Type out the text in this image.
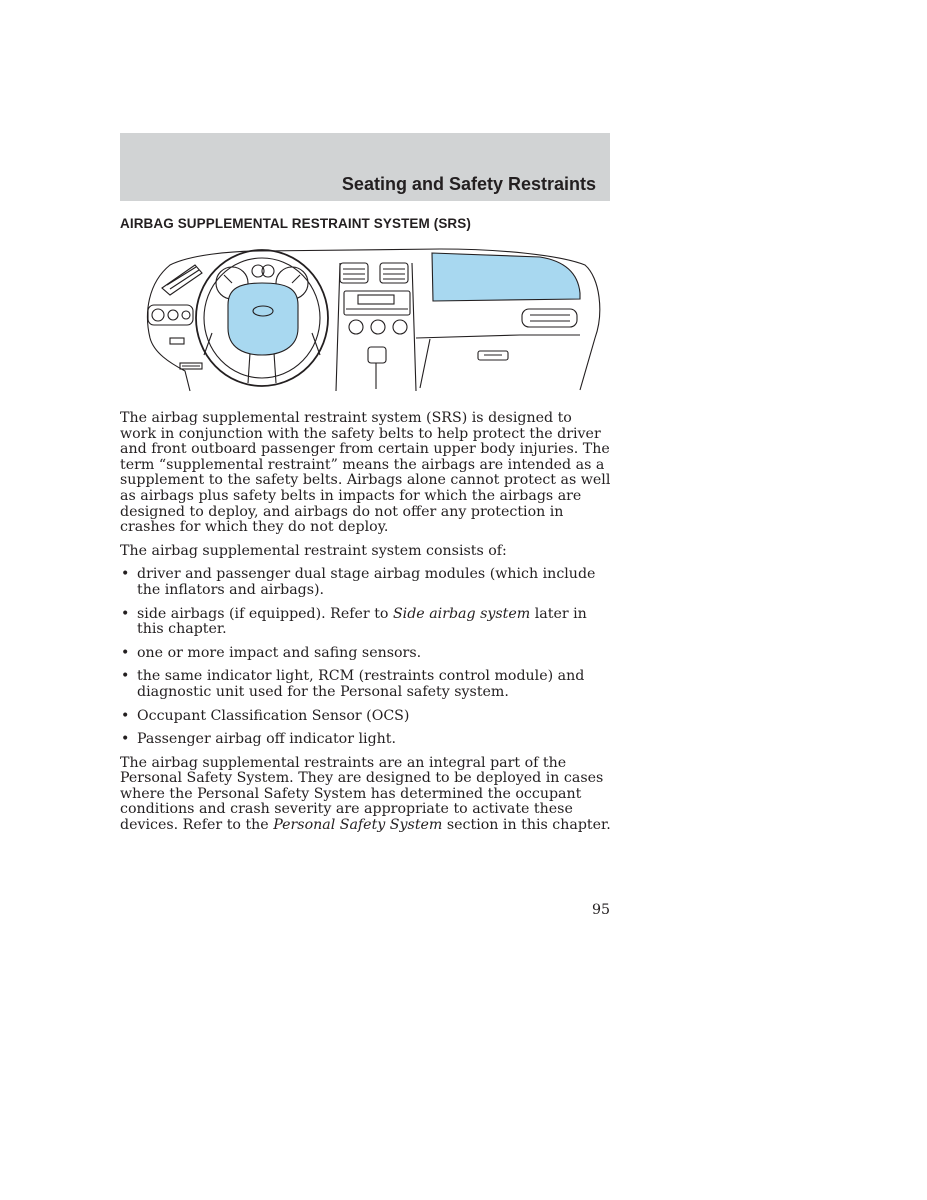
Seating and Safety Restraints
AIRBAG SUPPLEMENTAL RESTRAINT SYSTEM (SRS)

The airbag supplemental restraint system (SRS) is designed to work in conjunction with the safety belts to help protect the driver and front outboard passenger from certain upper body injuries. The term “supplemental restraint” means the airbags are intended as a supplement to the safety belts. Airbags alone cannot protect as well as airbags plus safety belts in impacts for which the airbags are designed to deploy, and airbags do not offer any protection in crashes for which they do not deploy.

The airbag supplemental restraint system consists of:

• driver and passenger dual stage airbag modules (which include the inflators and airbags).
• side airbags (if equipped). Refer to Side airbag system later in this chapter.
• one or more impact and safing sensors.
• the same indicator light, RCM (restraints control module) and diagnostic unit used for the Personal safety system.
• Occupant Classification Sensor (OCS)
• Passenger airbag off indicator light.

The airbag supplemental restraints are an integral part of the Personal Safety System. They are designed to be deployed in cases where the Personal Safety System has determined the occupant conditions and crash severity are appropriate to activate these devices. Refer to the Personal Safety System section in this chapter.

95
